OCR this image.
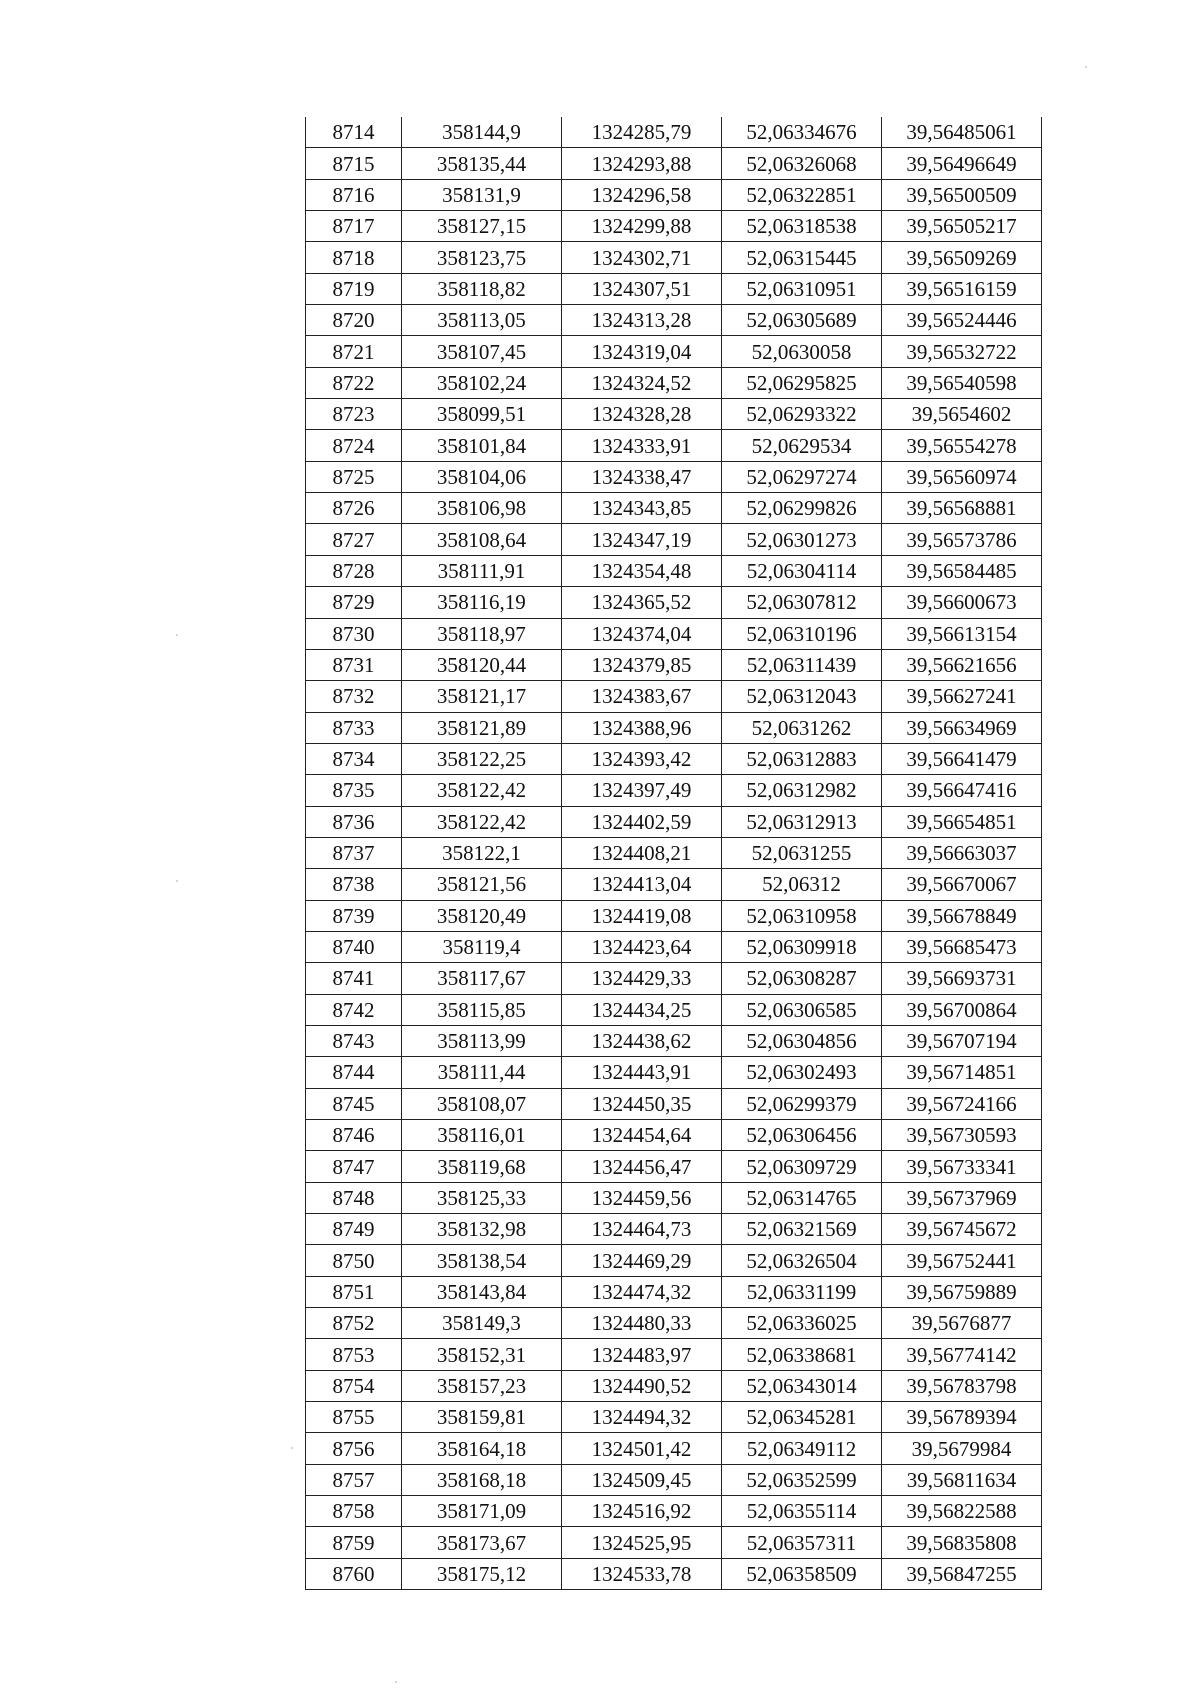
8714	358144,9	1324285,79	52,06334676	39,56485061
8715	358135,44	1324293,88	52,06326068	39,56496649
8716	358131,9	1324296,58	52,06322851	39,56500509
8717	358127,15	1324299,88	52,06318538	39,56505217
8718	358123,75	1324302,71	52,06315445	39,56509269
8719	358118,82	1324307,51	52,06310951	39,56516159
8720	358113,05	1324313,28	52,06305689	39,56524446
8721	358107,45	1324319,04	52,0630058	39,56532722
8722	358102,24	1324324,52	52,06295825	39,56540598
8723	358099,51	1324328,28	52,06293322	39,5654602
8724	358101,84	1324333,91	52,0629534	39,56554278
8725	358104,06	1324338,47	52,06297274	39,56560974
8726	358106,98	1324343,85	52,06299826	39,56568881
8727	358108,64	1324347,19	52,06301273	39,56573786
8728	358111,91	1324354,48	52,06304114	39,56584485
8729	358116,19	1324365,52	52,06307812	39,56600673
8730	358118,97	1324374,04	52,06310196	39,56613154
8731	358120,44	1324379,85	52,06311439	39,56621656
8732	358121,17	1324383,67	52,06312043	39,56627241
8733	358121,89	1324388,96	52,0631262	39,56634969
8734	358122,25	1324393,42	52,06312883	39,56641479
8735	358122,42	1324397,49	52,06312982	39,56647416
8736	358122,42	1324402,59	52,06312913	39,56654851
8737	358122,1	1324408,21	52,0631255	39,56663037
8738	358121,56	1324413,04	52,06312	39,56670067
8739	358120,49	1324419,08	52,06310958	39,56678849
8740	358119,4	1324423,64	52,06309918	39,56685473
8741	358117,67	1324429,33	52,06308287	39,56693731
8742	358115,85	1324434,25	52,06306585	39,56700864
8743	358113,99	1324438,62	52,06304856	39,56707194
8744	358111,44	1324443,91	52,06302493	39,56714851
8745	358108,07	1324450,35	52,06299379	39,56724166
8746	358116,01	1324454,64	52,06306456	39,56730593
8747	358119,68	1324456,47	52,06309729	39,56733341
8748	358125,33	1324459,56	52,06314765	39,56737969
8749	358132,98	1324464,73	52,06321569	39,56745672
8750	358138,54	1324469,29	52,06326504	39,56752441
8751	358143,84	1324474,32	52,06331199	39,56759889
8752	358149,3	1324480,33	52,06336025	39,5676877
8753	358152,31	1324483,97	52,06338681	39,56774142
8754	358157,23	1324490,52	52,06343014	39,56783798
8755	358159,81	1324494,32	52,06345281	39,56789394
8756	358164,18	1324501,42	52,06349112	39,5679984
8757	358168,18	1324509,45	52,06352599	39,56811634
8758	358171,09	1324516,92	52,06355114	39,56822588
8759	358173,67	1324525,95	52,06357311	39,56835808
8760	358175,12	1324533,78	52,06358509	39,56847255
